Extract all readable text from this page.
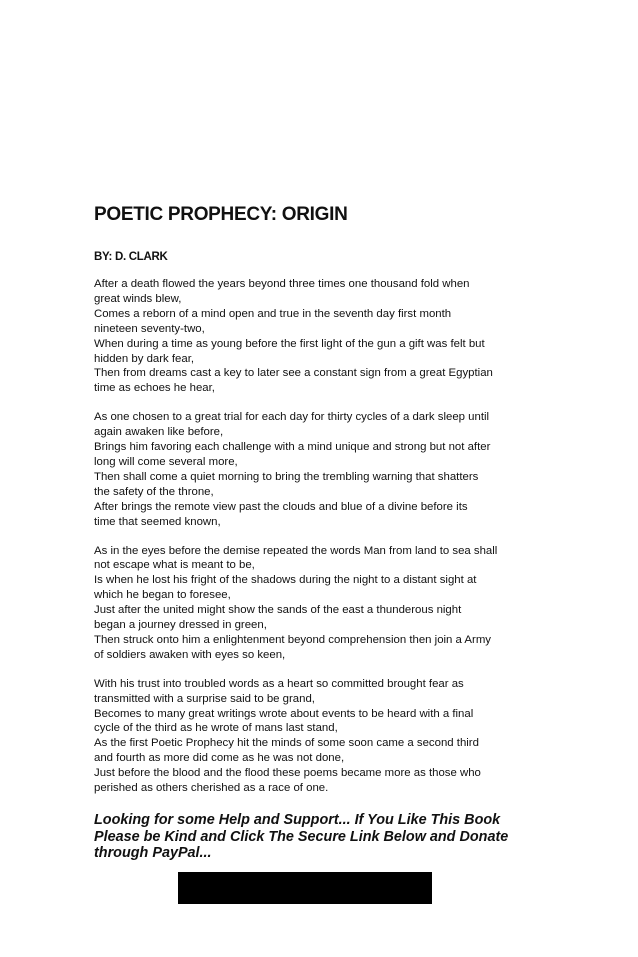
POETIC PROPHECY: ORIGIN
BY: D. CLARK

After a death flowed the years beyond three times one thousand fold when
great winds blew,
Comes a reborn of a mind open and true in the seventh day first month
nineteen seventy-two,
When during a time as young before the first light of the gun a gift was felt but
hidden by dark fear,
Then from dreams cast a key to later see a constant sign from a great Egyptian
time as echoes he hear,

As one chosen to a great trial for each day for thirty cycles of a dark sleep until
again awaken like before,
Brings him favoring each challenge with a mind unique and strong but not after
long will come several more,
Then shall come a quiet morning to bring the trembling warning that shatters
the safety of the throne,
After brings the remote view past the clouds and blue of a divine before its
time that seemed known,

As in the eyes before the demise repeated the words Man from land to sea shall
not escape what is meant to be,
Is when he lost his fright of the shadows during the night to a distant sight at
which he began to foresee,
Just after the united might show the sands of the east a thunderous night
began a journey dressed in green,
Then struck onto him a enlightenment beyond comprehension then join a Army
of soldiers awaken with eyes so keen,

With his trust into troubled words as a heart so committed brought fear as
transmitted with a surprise said to be grand,
Becomes to many great writings wrote about events to be heard with a final
cycle of the third as he wrote of mans last stand,
As the first Poetic Prophecy hit the minds of some soon came a second third
and fourth as more did come as he was not done,
Just before the blood and the flood these poems became more as those who
perished as others cherished as a race of one.

Looking for some Help and Support... If You Like This Book
Please be Kind and Click The Secure Link Below and Donate
through PayPal...
